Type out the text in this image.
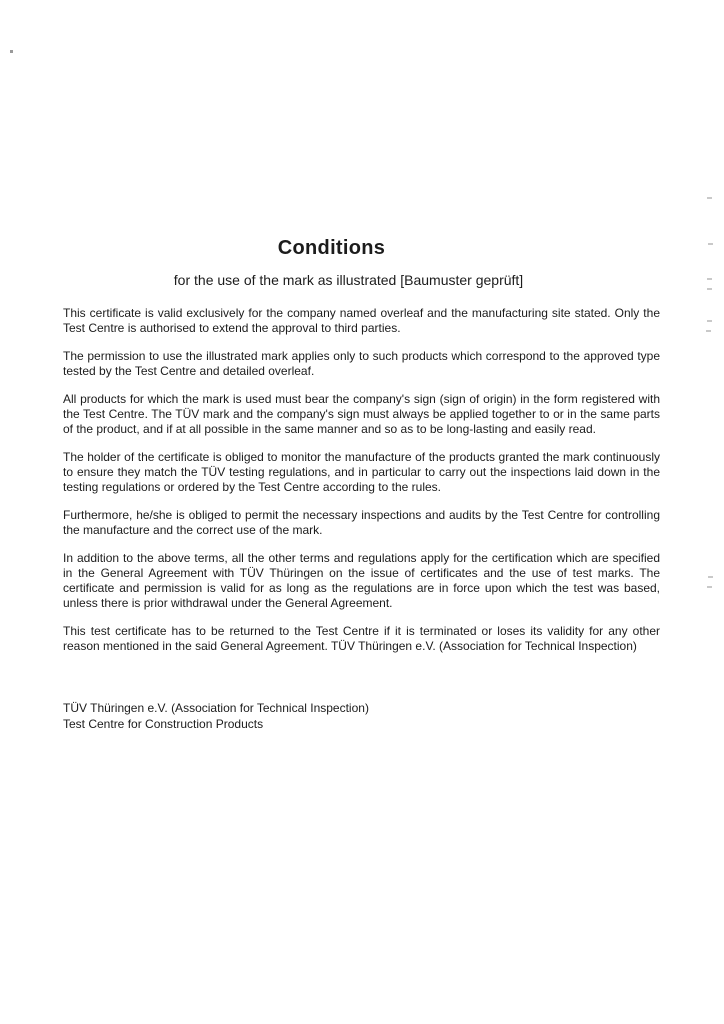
Conditions
for the use of the mark as illustrated [Baumuster geprüft]

This certificate is valid exclusively for the company named overleaf and the manufacturing site stated. Only the Test Centre is authorised to extend the approval to third parties.

The permission to use the illustrated mark applies only to such products which correspond to the approved type tested by the Test Centre and detailed overleaf.

All products for which the mark is used must bear the company's sign (sign of origin) in the form registered with the Test Centre. The TÜV mark and the company's sign must always be applied together to or in the same parts of the product, and if at all possible in the same manner and so as to be long-lasting and easily read.

The holder of the certificate is obliged to monitor the manufacture of the products granted the mark continuously to ensure they match the TÜV testing regulations, and in particular to carry out the inspections laid down in the testing regulations or ordered by the Test Centre according to the rules.

Furthermore, he/she is obliged to permit the necessary inspections and audits by the Test Centre for controlling the manufacture and the correct use of the mark.

In addition to the above terms, all the other terms and regulations apply for the certification which are specified in the General Agreement with TÜV Thüringen on the issue of certificates and the use of test marks. The certificate and permission is valid for as long as the regulations are in force upon which the test was based, unless there is prior withdrawal under the General Agreement.

This test certificate has to be returned to the Test Centre if it is terminated or loses its validity for any other reason mentioned in the said General Agreement. TÜV Thüringen e.V. (Association for Technical Inspection)

TÜV Thüringen e.V. (Association for Technical Inspection)
Test Centre for Construction Products
